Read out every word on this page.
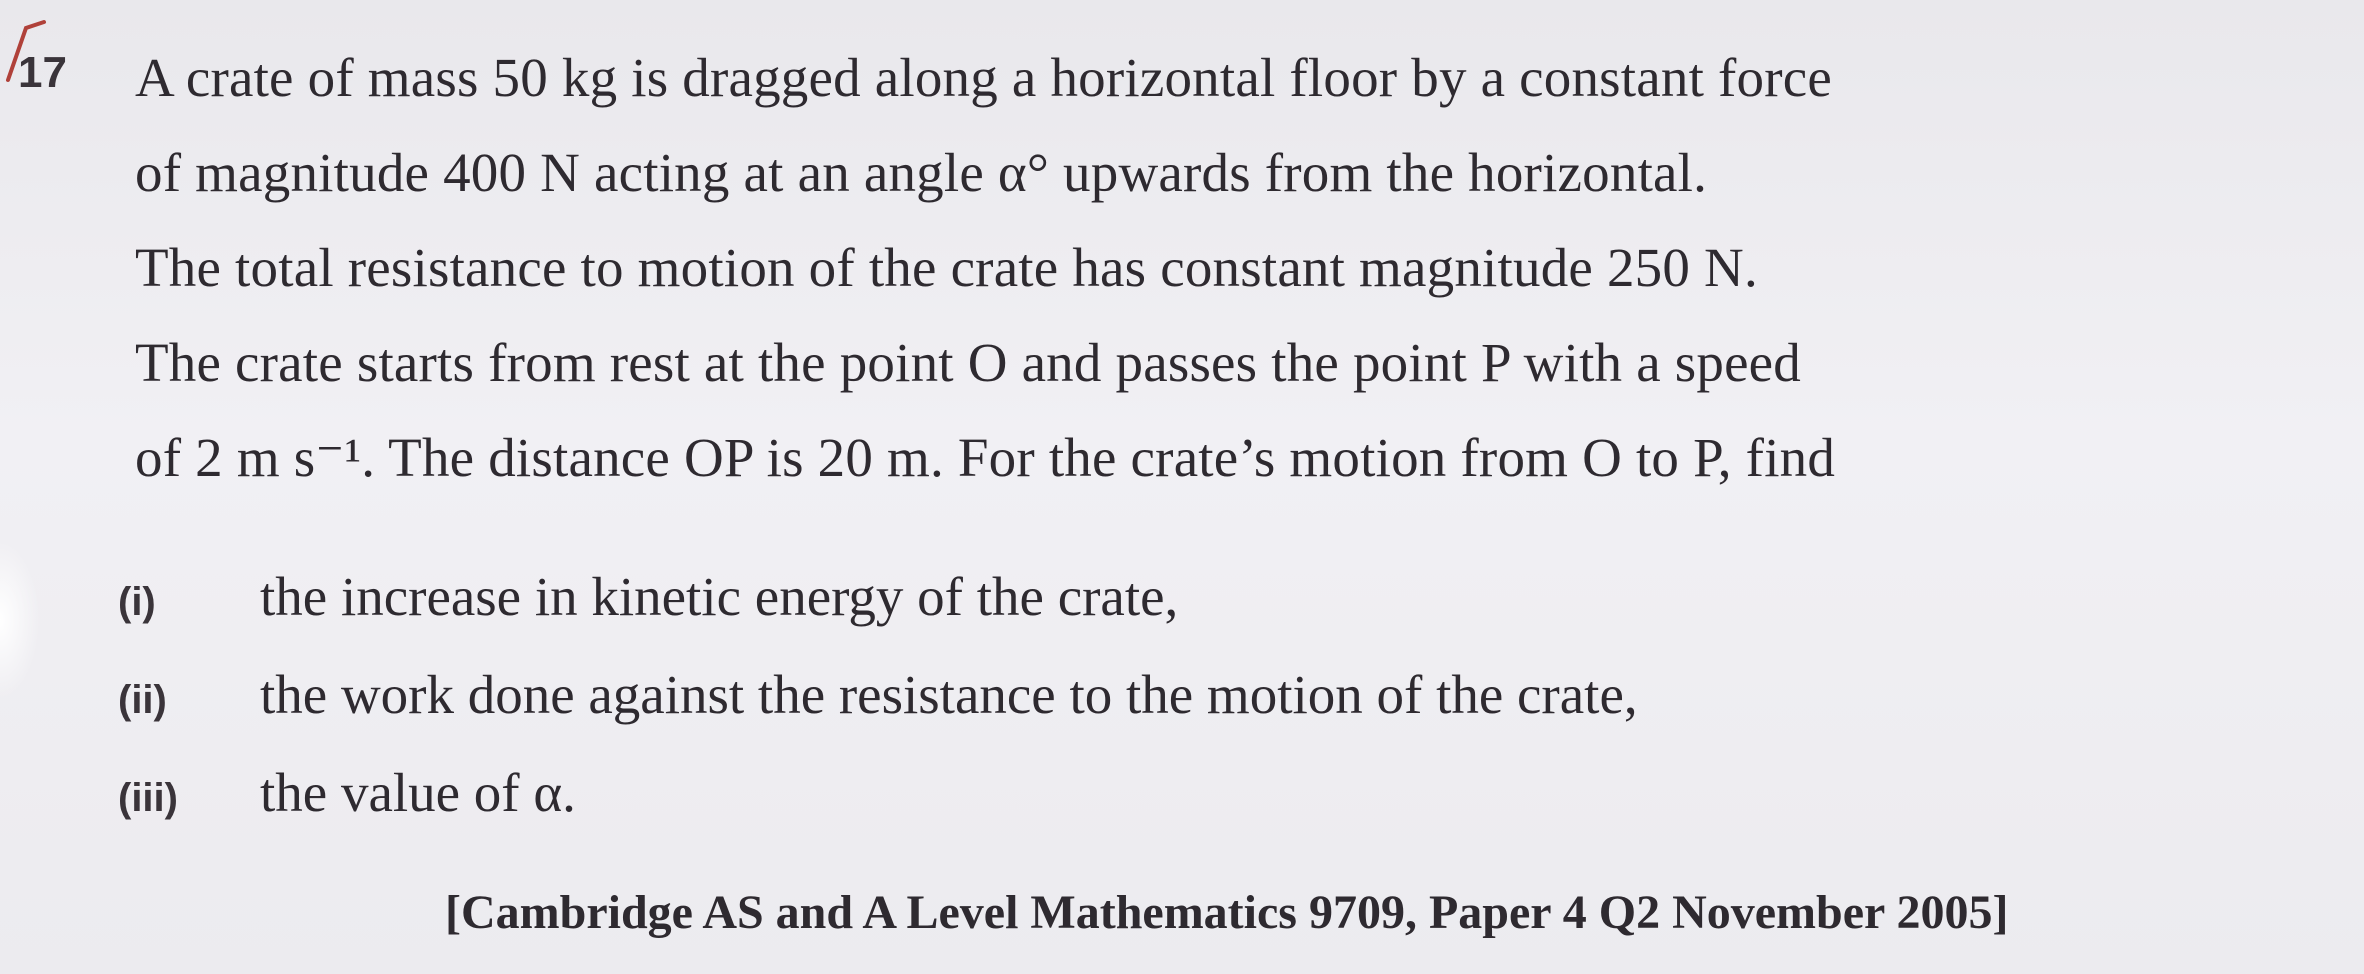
17 A crate of mass 50 kg is dragged along a horizontal floor by a constant force
of magnitude 400 N acting at an angle α° upwards from the horizontal.
The total resistance to motion of the crate has constant magnitude 250 N.
The crate starts from rest at the point O and passes the point P with a speed
of 2 m s⁻¹. The distance OP is 20 m. For the crate’s motion from O to P, find
(i)	the increase in kinetic energy of the crate,
(ii)	the work done against the resistance to the motion of the crate,
(iii)	the value of α.
[Cambridge AS and A Level Mathematics 9709, Paper 4 Q2 November 2005]
